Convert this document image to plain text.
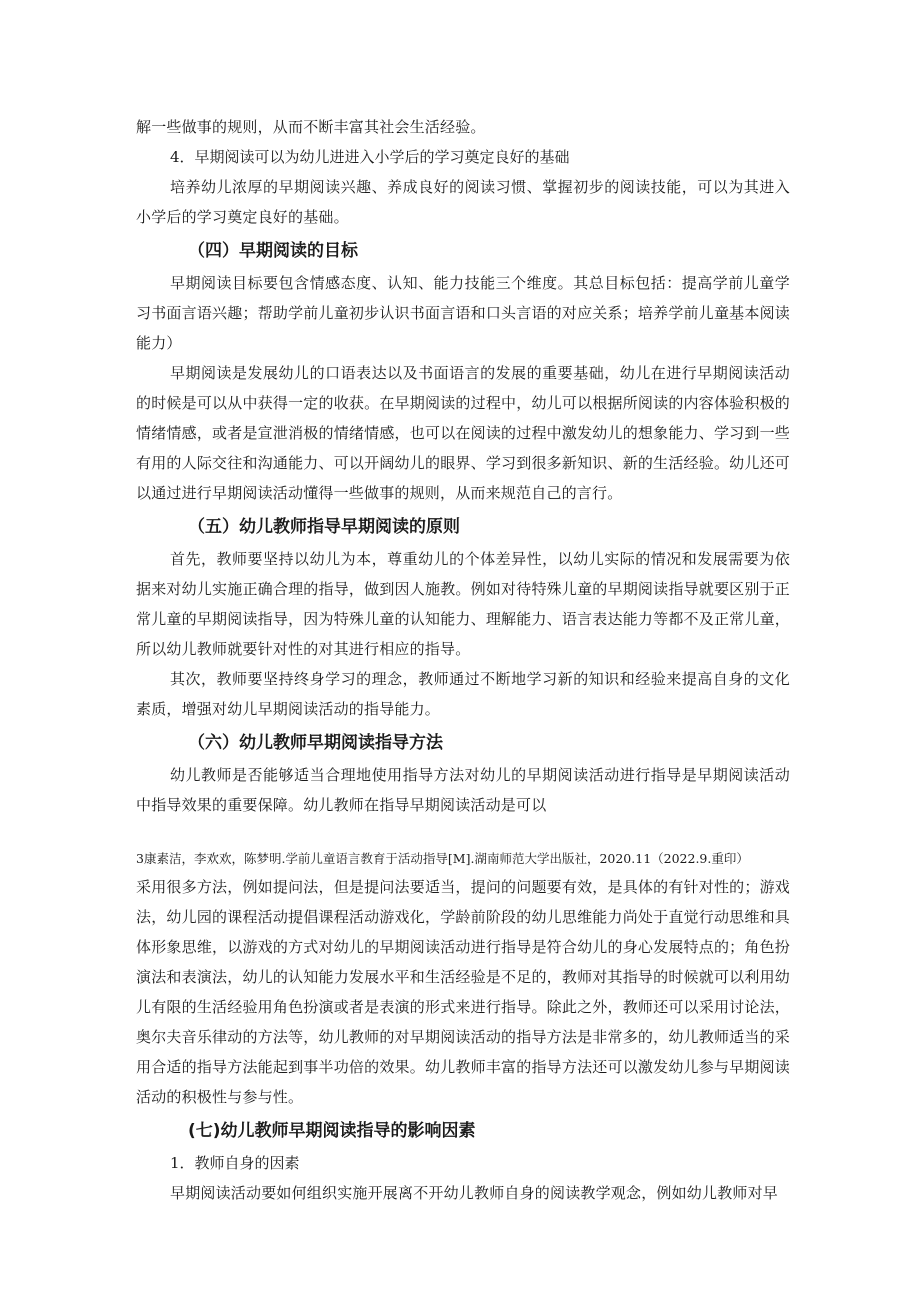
解一些做事的规则，从而不断丰富其社会生活经验。

4．早期阅读可以为幼儿进进入小学后的学习奠定良好的基础

培养幼儿浓厚的早期阅读兴趣、养成良好的阅读习惯、掌握初步的阅读技能，可以为其进入小学后的学习奠定良好的基础。

（四）早期阅读的目标

早期阅读目标要包含情感态度、认知、能力技能三个维度。其总目标包括：提高学前儿童学习书面言语兴趣；帮助学前儿童初步认识书面言语和口头言语的对应关系；培养学前儿童基本阅读能力）

早期阅读是发展幼儿的口语表达以及书面语言的发展的重要基础，幼儿在进行早期阅读活动的时候是可以从中获得一定的收获。在早期阅读的过程中，幼儿可以根据所阅读的内容体验积极的情绪情感，或者是宣泄消极的情绪情感，也可以在阅读的过程中激发幼儿的想象能力、学习到一些有用的人际交往和沟通能力、可以开阔幼儿的眼界、学习到很多新知识、新的生活经验。幼儿还可以通过进行早期阅读活动懂得一些做事的规则，从而来规范自己的言行。

（五）幼儿教师指导早期阅读的原则

首先，教师要坚持以幼儿为本，尊重幼儿的个体差异性，以幼儿实际的情况和发展需要为依据来对幼儿实施正确合理的指导，做到因人施教。例如对待特殊儿童的早期阅读指导就要区别于正常儿童的早期阅读指导，因为特殊儿童的认知能力、理解能力、语言表达能力等都不及正常儿童，所以幼儿教师就要针对性的对其进行相应的指导。

其次，教师要坚持终身学习的理念，教师通过不断地学习新的知识和经验来提高自身的文化素质，增强对幼儿早期阅读活动的指导能力。

（六）幼儿教师早期阅读指导方法

幼儿教师是否能够适当合理地使用指导方法对幼儿的早期阅读活动进行指导是早期阅读活动中指导效果的重要保障。幼儿教师在指导早期阅读活动是可以

3康素洁，李欢欢，陈梦明.学前儿童语言教育于活动指导[M].湖南师范大学出版社，2020.11（2022.9.重印）

采用很多方法，例如提问法，但是提问法要适当，提问的问题要有效，是具体的有针对性的；游戏法，幼儿园的课程活动提倡课程活动游戏化，学龄前阶段的幼儿思维能力尚处于直觉行动思维和具体形象思维，以游戏的方式对幼儿的早期阅读活动进行指导是符合幼儿的身心发展特点的；角色扮演法和表演法，幼儿的认知能力发展水平和生活经验是不足的，教师对其指导的时候就可以利用幼儿有限的生活经验用角色扮演或者是表演的形式来进行指导。除此之外，教师还可以采用讨论法，奥尔夫音乐律动的方法等，幼儿教师的对早期阅读活动的指导方法是非常多的，幼儿教师适当的采用合适的指导方法能起到事半功倍的效果。幼儿教师丰富的指导方法还可以激发幼儿参与早期阅读活动的积极性与参与性。

(七)幼儿教师早期阅读指导的影响因素

1．教师自身的因素

早期阅读活动要如何组织实施开展离不开幼儿教师自身的阅读教学观念，例如幼儿教师对早
